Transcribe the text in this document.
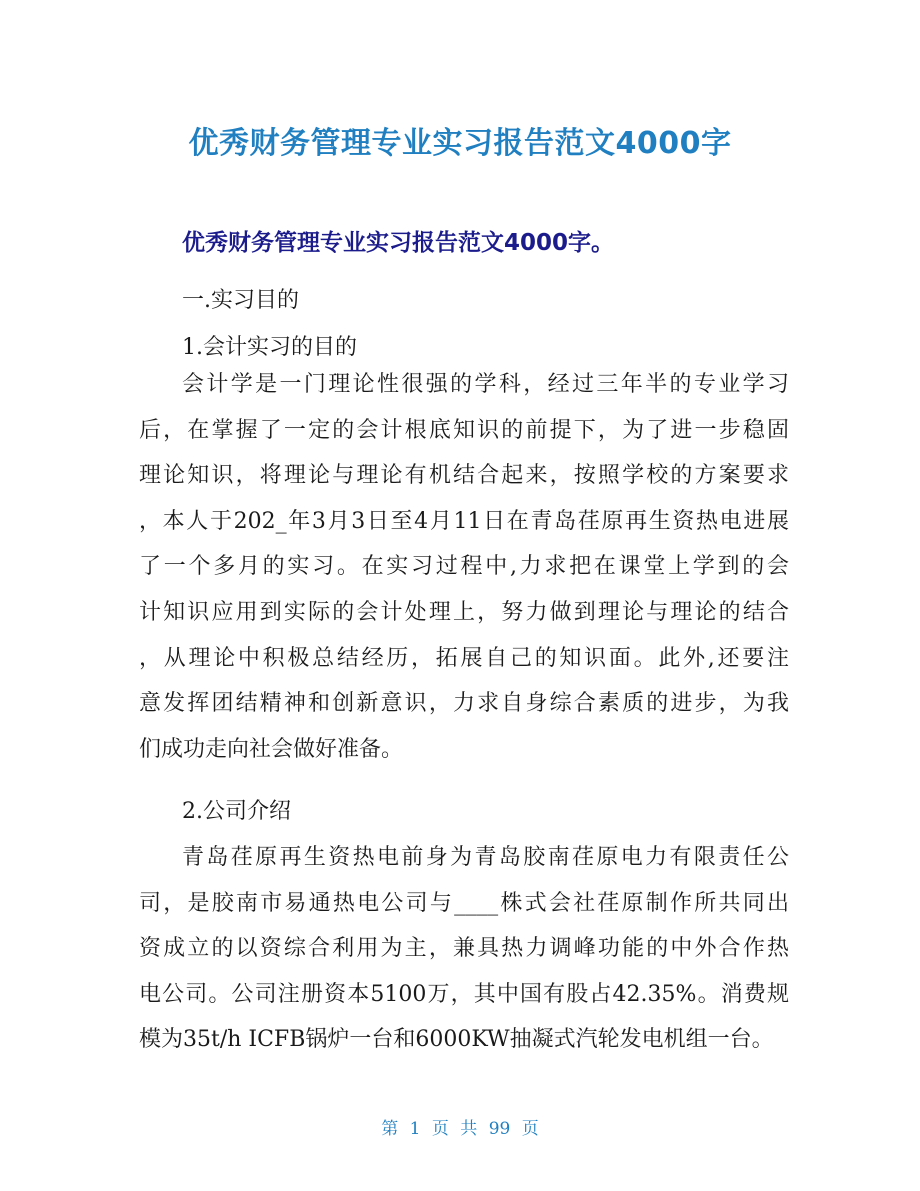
优秀财务管理专业实习报告范文4000字

优秀财务管理专业实习报告范文4000字。

一.实习目的

1.会计实习的目的

会计学是一门理论性很强的学科，经过三年半的专业学习
后，在掌握了一定的会计根底知识的前提下，为了进一步稳固
理论知识，将理论与理论有机结合起来，按照学校的方案要求
，本人于202_年3月3日至4月11日在青岛荏原再生资热电进展
了一个多月的实习。在实习过程中,力求把在课堂上学到的会
计知识应用到实际的会计处理上，努力做到理论与理论的结合
，从理论中积极总结经历，拓展自己的知识面。此外,还要注
意发挥团结精神和创新意识，力求自身综合素质的进步，为我
们成功走向社会做好准备。

2.公司介绍

青岛荏原再生资热电前身为青岛胶南荏原电力有限责任公
司，是胶南市易通热电公司与____株式会社荏原制作所共同出
资成立的以资综合利用为主，兼具热力调峰功能的中外合作热
电公司。公司注册资本5100万，其中国有股占42.35%。消费规
模为35t/h ICFB锅炉一台和6000KW抽凝式汽轮发电机组一台。
第 1 页 共 99 页
